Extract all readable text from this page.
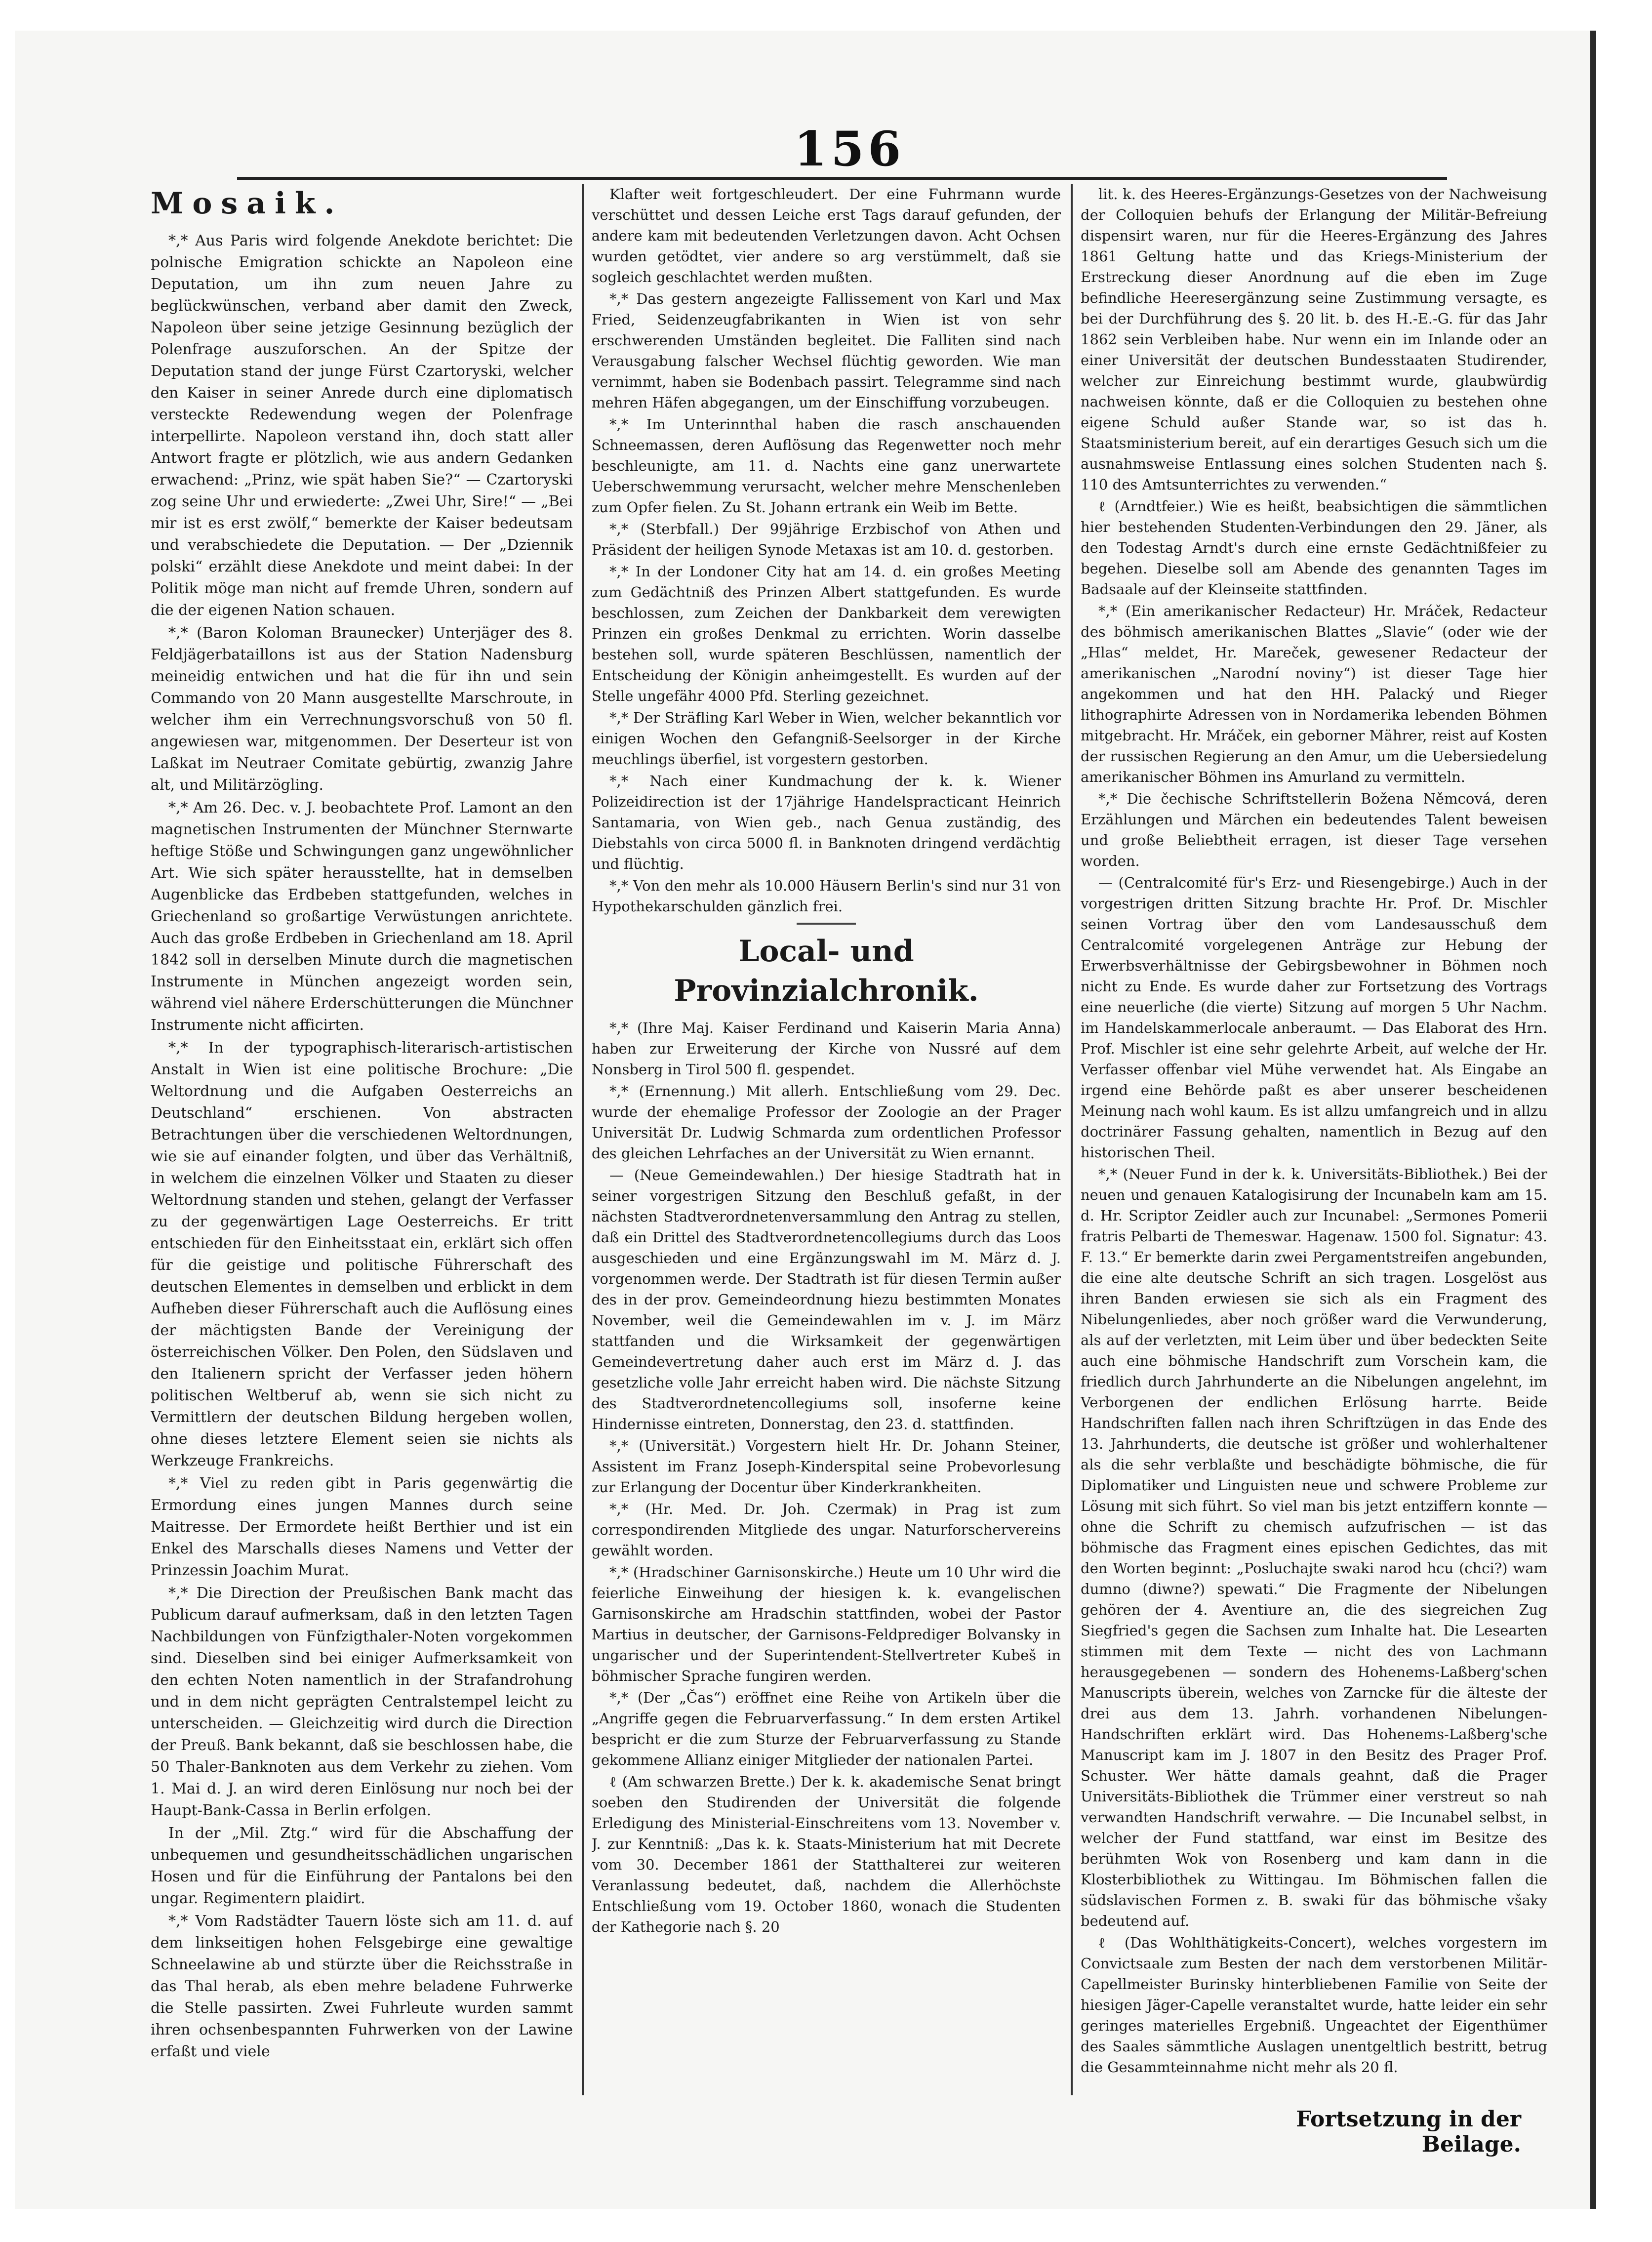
156
Mosaik.

*,* Aus Paris wird folgende Anekdote berichtet: Die polnische Emigration schickte an Napoleon eine Deputation, um ihn zum neuen Jahre zu beglückwünschen, verband aber damit den Zweck, Napoleon über seine jetzige Gesinnung bezüglich der Polenfrage auszuforschen. An der Spitze der Deputation stand der junge Fürst Czartoryski, welcher den Kaiser in seiner Anrede durch eine diplomatisch versteckte Redewendung wegen der Polenfrage interpellirte. Napoleon verstand ihn, doch statt aller Antwort fragte er plötzlich, wie aus andern Gedanken erwachend: „Prinz, wie spät haben Sie?“ — Czartoryski zog seine Uhr und erwiederte: „Zwei Uhr, Sire!“ — „Bei mir ist es erst zwölf,“ bemerkte der Kaiser bedeutsam und verabschiedete die Deputation. — Der „Dziennik polski“ erzählt diese Anekdote und meint dabei: In der Politik möge man nicht auf fremde Uhren, sondern auf die der eigenen Nation schauen.

*,* (Baron Koloman Braunecker) Unterjäger des 8. Feldjägerbataillons ist aus der Station Nadensburg meineidig entwichen und hat die für ihn und sein Commando von 20 Mann ausgestellte Marschroute, in welcher ihm ein Verrechnungsvorschuß von 50 fl. angewiesen war, mitgenommen. Der Deserteur ist von Laßkat im Neutraer Comitate gebürtig, zwanzig Jahre alt, und Militärzögling.

*,* Am 26. Dec. v. J. beobachtete Prof. Lamont an den magnetischen Instrumenten der Münchner Sternwarte heftige Stöße und Schwingungen ganz ungewöhnlicher Art. Wie sich später herausstellte, hat in demselben Augenblicke das Erdbeben stattgefunden, welches in Griechenland so großartige Verwüstungen anrichtete. Auch das große Erdbeben in Griechenland am 18. April 1842 soll in derselben Minute durch die magnetischen Instrumente in München angezeigt worden sein, während viel nähere Erderschütterungen die Münchner Instrumente nicht afficirten.

*,* In der typographisch-literarisch-artistischen Anstalt in Wien ist eine politische Brochure: „Die Weltordnung und die Aufgaben Oesterreichs an Deutschland“ erschienen. Von abstracten Betrachtungen über die verschiedenen Weltordnungen, wie sie auf einander folgten, und über das Verhältniß, in welchem die einzelnen Völker und Staaten zu dieser Weltordnung standen und stehen, gelangt der Verfasser zu der gegenwärtigen Lage Oesterreichs. Er tritt entschieden für den Einheitsstaat ein, erklärt sich offen für die geistige und politische Führerschaft des deutschen Elementes in demselben und erblickt in dem Aufheben dieser Führerschaft auch die Auflösung eines der mächtigsten Bande der Vereinigung der österreichischen Völker. Den Polen, den Südslaven und den Italienern spricht der Verfasser jeden höhern politischen Weltberuf ab, wenn sie sich nicht zu Vermittlern der deutschen Bildung hergeben wollen, ohne dieses letztere Element seien sie nichts als Werkzeuge Frankreichs.

*,* Viel zu reden gibt in Paris gegenwärtig die Ermordung eines jungen Mannes durch seine Maitresse. Der Ermordete heißt Berthier und ist ein Enkel des Marschalls dieses Namens und Vetter der Prinzessin Joachim Murat.

*,* Die Direction der Preußischen Bank macht das Publicum darauf aufmerksam, daß in den letzten Tagen Nachbildungen von Fünfzigthaler-Noten vorgekommen sind. Dieselben sind bei einiger Aufmerksamkeit von den echten Noten namentlich in der Strafandrohung und in dem nicht geprägten Centralstempel leicht zu unterscheiden. — Gleichzeitig wird durch die Direction der Preuß. Bank bekannt, daß sie beschlossen habe, die 50 Thaler-Banknoten aus dem Verkehr zu ziehen. Vom 1. Mai d. J. an wird deren Einlösung nur noch bei der Haupt-Bank-Cassa in Berlin erfolgen.

In der „Mil. Ztg.“ wird für die Abschaffung der unbequemen und gesundheitsschädlichen ungarischen Hosen und für die Einführung der Pantalons bei den ungar. Regimentern plaidirt.

*,* Vom Radstädter Tauern löste sich am 11. d. auf dem linkseitigen hohen Felsgebirge eine gewaltige Schneelawine ab und stürzte über die Reichsstraße in das Thal herab, als eben mehre beladene Fuhrwerke die Stelle passirten. Zwei Fuhrleute wurden sammt ihren ochsenbespannten Fuhrwerken von der Lawine erfaßt und viele

Klafter weit fortgeschleudert. Der eine Fuhrmann wurde verschüttet und dessen Leiche erst Tags darauf gefunden, der andere kam mit bedeutenden Verletzungen davon. Acht Ochsen wurden getödtet, vier andere so arg verstümmelt, daß sie sogleich geschlachtet werden mußten.

*,* Das gestern angezeigte Fallissement von Karl und Max Fried, Seidenzeugfabrikanten in Wien ist von sehr erschwerenden Umständen begleitet. Die Falliten sind nach Verausgabung falscher Wechsel flüchtig geworden. Wie man vernimmt, haben sie Bodenbach passirt. Telegramme sind nach mehren Häfen abgegangen, um der Einschiffung vorzubeugen.

*,* Im Unterinnthal haben die rasch anschauenden Schneemassen, deren Auflösung das Regenwetter noch mehr beschleunigte, am 11. d. Nachts eine ganz unerwartete Ueberschwemmung verursacht, welcher mehre Menschenleben zum Opfer fielen. Zu St. Johann ertrank ein Weib im Bette.

*,* (Sterbfall.) Der 99jährige Erzbischof von Athen und Präsident der heiligen Synode Metaxas ist am 10. d. gestorben.

*,* In der Londoner City hat am 14. d. ein großes Meeting zum Gedächtniß des Prinzen Albert stattgefunden. Es wurde beschlossen, zum Zeichen der Dankbarkeit dem verewigten Prinzen ein großes Denkmal zu errichten. Worin dasselbe bestehen soll, wurde späteren Beschlüssen, namentlich der Entscheidung der Königin anheimgestellt. Es wurden auf der Stelle ungefähr 4000 Pfd. Sterling gezeichnet.

*,* Der Sträfling Karl Weber in Wien, welcher bekanntlich vor einigen Wochen den Gefangniß-Seelsorger in der Kirche meuchlings überfiel, ist vorgestern gestorben.

*,* Nach einer Kundmachung der k. k. Wiener Polizeidirection ist der 17jährige Handelspracticant Heinrich Santamaria, von Wien geb., nach Genua zuständig, des Diebstahls von circa 5000 fl. in Banknoten dringend verdächtig und flüchtig.

*,* Von den mehr als 10.000 Häusern Berlin's sind nur 31 von Hypothekarschulden gänzlich frei.

Local- und Provinzialchronik.

*,* (Ihre Maj. Kaiser Ferdinand und Kaiserin Maria Anna) haben zur Erweiterung der Kirche von Nussré auf dem Nonsberg in Tirol 500 fl. gespendet.

*,* (Ernennung.) Mit allerh. Entschließung vom 29. Dec. wurde der ehemalige Professor der Zoologie an der Prager Universität Dr. Ludwig Schmarda zum ordentlichen Professor des gleichen Lehrfaches an der Universität zu Wien ernannt.

— (Neue Gemeindewahlen.) Der hiesige Stadtrath hat in seiner vorgestrigen Sitzung den Beschluß gefaßt, in der nächsten Stadtverordnetenversammlung den Antrag zu stellen, daß ein Drittel des Stadtverordnetencollegiums durch das Loos ausgeschieden und eine Ergänzungswahl im M. März d. J. vorgenommen werde. Der Stadtrath ist für diesen Termin außer des in der prov. Gemeindeordnung hiezu bestimmten Monates November, weil die Gemeindewahlen im v. J. im März stattfanden und die Wirksamkeit der gegenwärtigen Gemeindevertretung daher auch erst im März d. J. das gesetzliche volle Jahr erreicht haben wird. Die nächste Sitzung des Stadtverordnetencollegiums soll, insoferne keine Hindernisse eintreten, Donnerstag, den 23. d. stattfinden.

*,* (Universität.) Vorgestern hielt Hr. Dr. Johann Steiner, Assistent im Franz Joseph-Kinderspital seine Probevorlesung zur Erlangung der Docentur über Kinderkrankheiten.

*,* (Hr. Med. Dr. Joh. Czermak) in Prag ist zum correspondirenden Mitgliede des ungar. Naturforschervereins gewählt worden.

*,* (Hradschiner Garnisonskirche.) Heute um 10 Uhr wird die feierliche Einweihung der hiesigen k. k. evangelischen Garnisonskirche am Hradschin stattfinden, wobei der Pastor Martius in deutscher, der Garnisons-Feldprediger Bolvansky in ungarischer und der Superintendent-Stellvertreter Kubeš in böhmischer Sprache fungiren werden.

*,* (Der „Čas“) eröffnet eine Reihe von Artikeln über die „Angriffe gegen die Februarverfassung.“ In dem ersten Artikel bespricht er die zum Sturze der Februarverfassung zu Stande gekommene Allianz einiger Mitglieder der nationalen Partei.

ℓ (Am schwarzen Brette.) Der k. k. akademische Senat bringt soeben den Studirenden der Universität die folgende Erledigung des Ministerial-Einschreitens vom 13. November v. J. zur Kenntniß: „Das k. k. Staats-Ministerium hat mit Decrete vom 30. December 1861 der Statthalterei zur weiteren Veranlassung bedeutet, daß, nachdem die Allerhöchste Entschließung vom 19. October 1860, wonach die Studenten der Kathegorie nach §. 20

lit. k. des Heeres-Ergänzungs-Gesetzes von der Nachweisung der Colloquien behufs der Erlangung der Militär-Befreiung dispensirt waren, nur für die Heeres-Ergänzung des Jahres 1861 Geltung hatte und das Kriegs-Ministerium der Erstreckung dieser Anordnung auf die eben im Zuge befindliche Heeresergänzung seine Zustimmung versagte, es bei der Durchführung des §. 20 lit. b. des H.-E.-G. für das Jahr 1862 sein Verbleiben habe. Nur wenn ein im Inlande oder an einer Universität der deutschen Bundesstaaten Studirender, welcher zur Einreichung bestimmt wurde, glaubwürdig nachweisen könnte, daß er die Colloquien zu bestehen ohne eigene Schuld außer Stande war, so ist das h. Staatsministerium bereit, auf ein derartiges Gesuch sich um die ausnahmsweise Entlassung eines solchen Studenten nach §. 110 des Amtsunterrichtes zu verwenden.“

ℓ (Arndtfeier.) Wie es heißt, beabsichtigen die sämmtlichen hier bestehenden Studenten-Verbindungen den 29. Jäner, als den Todestag Arndt's durch eine ernste Gedächtnißfeier zu begehen. Dieselbe soll am Abende des genannten Tages im Badsaale auf der Kleinseite stattfinden.

*,* (Ein amerikanischer Redacteur) Hr. Mráček, Redacteur des böhmisch amerikanischen Blattes „Slavie“ (oder wie der „Hlas“ meldet, Hr. Mareček, gewesener Redacteur der amerikanischen „Narodní noviny“) ist dieser Tage hier angekommen und hat den HH. Palacký und Rieger lithographirte Adressen von in Nordamerika lebenden Böhmen mitgebracht. Hr. Mráček, ein geborner Mährer, reist auf Kosten der russischen Regierung an den Amur, um die Uebersiedelung amerikanischer Böhmen ins Amurland zu vermitteln.

*,* Die čechische Schriftstellerin Božena Němcová, deren Erzählungen und Märchen ein bedeutendes Talent beweisen und große Beliebtheit erragen, ist dieser Tage versehen worden.

— (Centralcomité für's Erz- und Riesengebirge.) Auch in der vorgestrigen dritten Sitzung brachte Hr. Prof. Dr. Mischler seinen Vortrag über den vom Landesausschuß dem Centralcomité vorgelegenen Anträge zur Hebung der Erwerbsverhältnisse der Gebirgsbewohner in Böhmen noch nicht zu Ende. Es wurde daher zur Fortsetzung des Vortrags eine neuerliche (die vierte) Sitzung auf morgen 5 Uhr Nachm. im Handelskammerlocale anberaumt. — Das Elaborat des Hrn. Prof. Mischler ist eine sehr gelehrte Arbeit, auf welche der Hr. Verfasser offenbar viel Mühe verwendet hat. Als Eingabe an irgend eine Behörde paßt es aber unserer bescheidenen Meinung nach wohl kaum. Es ist allzu umfangreich und in allzu doctrinärer Fassung gehalten, namentlich in Bezug auf den historischen Theil.

*,* (Neuer Fund in der k. k. Universitäts-Bibliothek.) Bei der neuen und genauen Katalogisirung der Incunabeln kam am 15. d. Hr. Scriptor Zeidler auch zur Incunabel: „Sermones Pomerii fratris Pelbarti de Themeswar. Hagenaw. 1500 fol. Signatur: 43. F. 13.“ Er bemerkte darin zwei Pergamentstreifen angebunden, die eine alte deutsche Schrift an sich tragen. Losgelöst aus ihren Banden erwiesen sie sich als ein Fragment des Nibelungenliedes, aber noch größer ward die Verwunderung, als auf der verletzten, mit Leim über und über bedeckten Seite auch eine böhmische Handschrift zum Vorschein kam, die friedlich durch Jahrhunderte an die Nibelungen angelehnt, im Verborgenen der endlichen Erlösung harrte. Beide Handschriften fallen nach ihren Schriftzügen in das Ende des 13. Jahrhunderts, die deutsche ist größer und wohlerhaltener als die sehr verblaßte und beschädigte böhmische, die für Diplomatiker und Linguisten neue und schwere Probleme zur Lösung mit sich führt. So viel man bis jetzt entziffern konnte — ohne die Schrift zu chemisch aufzufrischen — ist das böhmische das Fragment eines epischen Gedichtes, das mit den Worten beginnt: „Posluchajte swaki narod hcu (chci?) wam dumno (diwne?) spewati.“ Die Fragmente der Nibelungen gehören der 4. Aventiure an, die des siegreichen Zug Siegfried's gegen die Sachsen zum Inhalte hat. Die Lesearten stimmen mit dem Texte — nicht des von Lachmann herausgegebenen — sondern des Hohenems-Laßberg'schen Manuscripts überein, welches von Zarncke für die älteste der drei aus dem 13. Jahrh. vorhandenen Nibelungen-Handschriften erklärt wird. Das Hohenems-Laßberg'sche Manuscript kam im J. 1807 in den Besitz des Prager Prof. Schuster. Wer hätte damals geahnt, daß die Prager Universitäts-Bibliothek die Trümmer einer verstreut so nah verwandten Handschrift verwahre. — Die Incunabel selbst, in welcher der Fund stattfand, war einst im Besitze des berühmten Wok von Rosenberg und kam dann in die Klosterbibliothek zu Wittingau. Im Böhmischen fallen die südslavischen Formen z. B. swaki für das böhmische všaky bedeutend auf.

ℓ (Das Wohlthätigkeits-Concert), welches vorgestern im Convictsaale zum Besten der nach dem verstorbenen Militär-Capellmeister Burinsky hinterbliebenen Familie von Seite der hiesigen Jäger-Capelle veranstaltet wurde, hatte leider ein sehr geringes materielles Ergebniß. Ungeachtet der Eigenthümer des Saales sämmtliche Auslagen unentgeltlich bestritt, betrug die Gesammteinnahme nicht mehr als 20 fl.

Fortsetzung in der Beilage.
